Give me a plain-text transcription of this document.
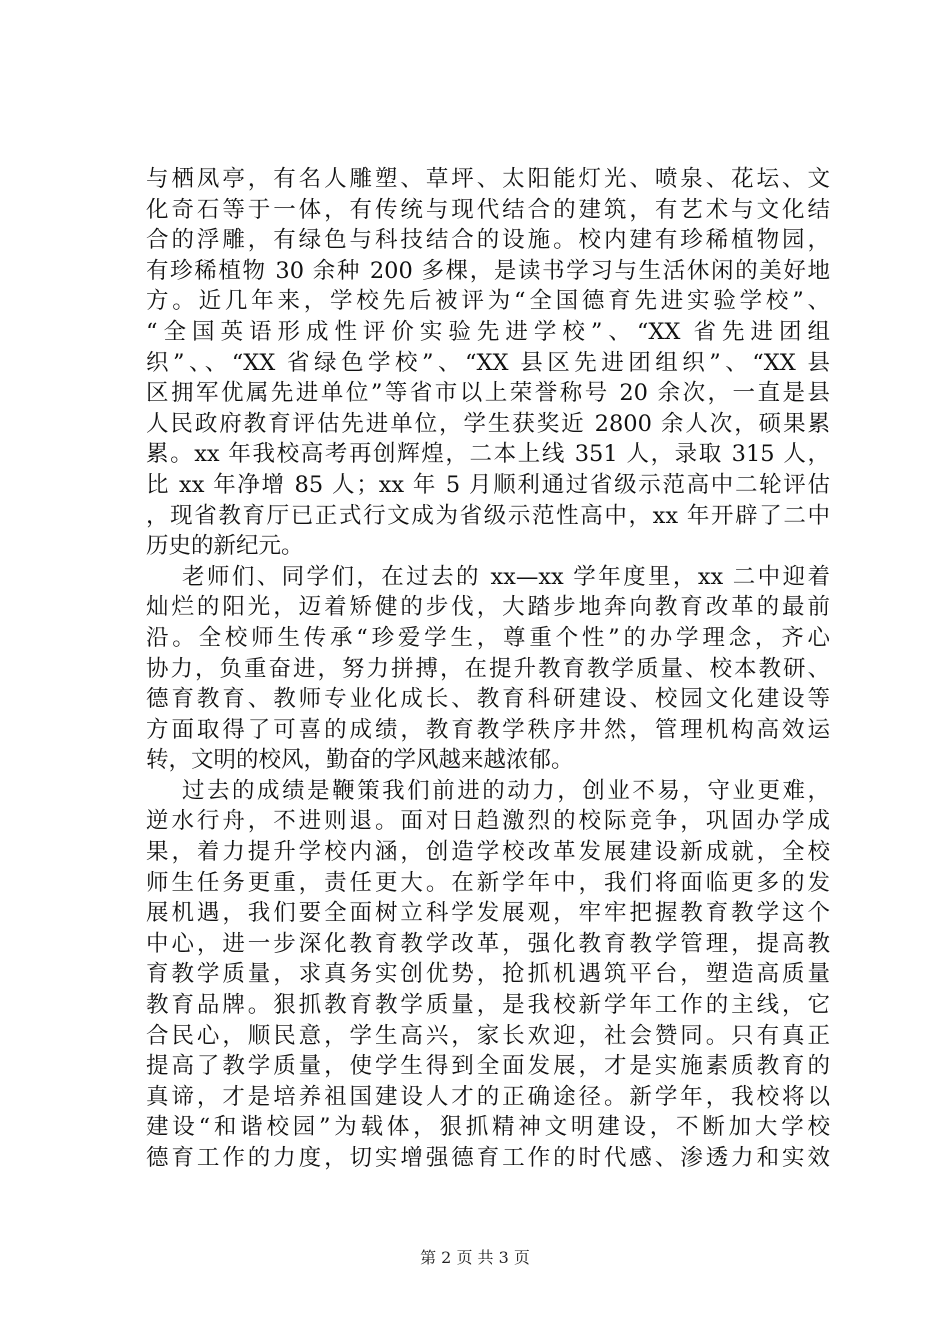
与栖凤亭，有名人雕塑、草坪、太阳能灯光、喷泉、花坛、文
化奇石等于一体，有传统与现代结合的建筑，有艺术与文化结
合的浮雕，有绿色与科技结合的设施。校内建有珍稀植物园，
有珍稀植物 30 余种 200 多棵，是读书学习与生活休闲的美好地
方。近几年来，学校先后被评为“全国德育先进实验学校”、
“全国英语形成性评价实验先进学校”、“XX 省先进团组
织”、、“XX 省绿色学校”、“XX 县区先进团组织”、“XX 县
区拥军优属先进单位”等省市以上荣誉称号 20 余次，一直是县
人民政府教育评估先进单位，学生获奖近 2800 余人次，硕果累
累。xx 年我校高考再创辉煌，二本上线 351 人，录取 315 人，
比 xx 年净增 85 人；xx 年 5 月顺利通过省级示范高中二轮评估
，现省教育厅已正式行文成为省级示范性高中，xx 年开辟了二中
历史的新纪元。
老师们、同学们，在过去的 xx—xx 学年度里，xx 二中迎着
灿烂的阳光，迈着矫健的步伐，大踏步地奔向教育改革的最前
沿。全校师生传承“珍爱学生，尊重个性”的办学理念，齐心
协力，负重奋进，努力拼搏，在提升教育教学质量、校本教研、
德育教育、教师专业化成长、教育科研建设、校园文化建设等
方面取得了可喜的成绩，教育教学秩序井然，管理机构高效运
转，文明的校风，勤奋的学风越来越浓郁。
过去的成绩是鞭策我们前进的动力，创业不易，守业更难，
逆水行舟，不进则退。面对日趋激烈的校际竞争，巩固办学成
果，着力提升学校内涵，创造学校改革发展建设新成就，全校
师生任务更重，责任更大。在新学年中，我们将面临更多的发
展机遇，我们要全面树立科学发展观，牢牢把握教育教学这个
中心，进一步深化教育教学改革，强化教育教学管理，提高教
育教学质量，求真务实创优势，抢抓机遇筑平台，塑造高质量
教育品牌。狠抓教育教学质量，是我校新学年工作的主线，它
合民心，顺民意，学生高兴，家长欢迎，社会赞同。只有真正
提高了教学质量，使学生得到全面发展，才是实施素质教育的
真谛，才是培养祖国建设人才的正确途径。新学年，我校将以
建设“和谐校园”为载体，狠抓精神文明建设，不断加大学校
德育工作的力度，切实增强德育工作的时代感、渗透力和实效
第 2 页 共 3 页
